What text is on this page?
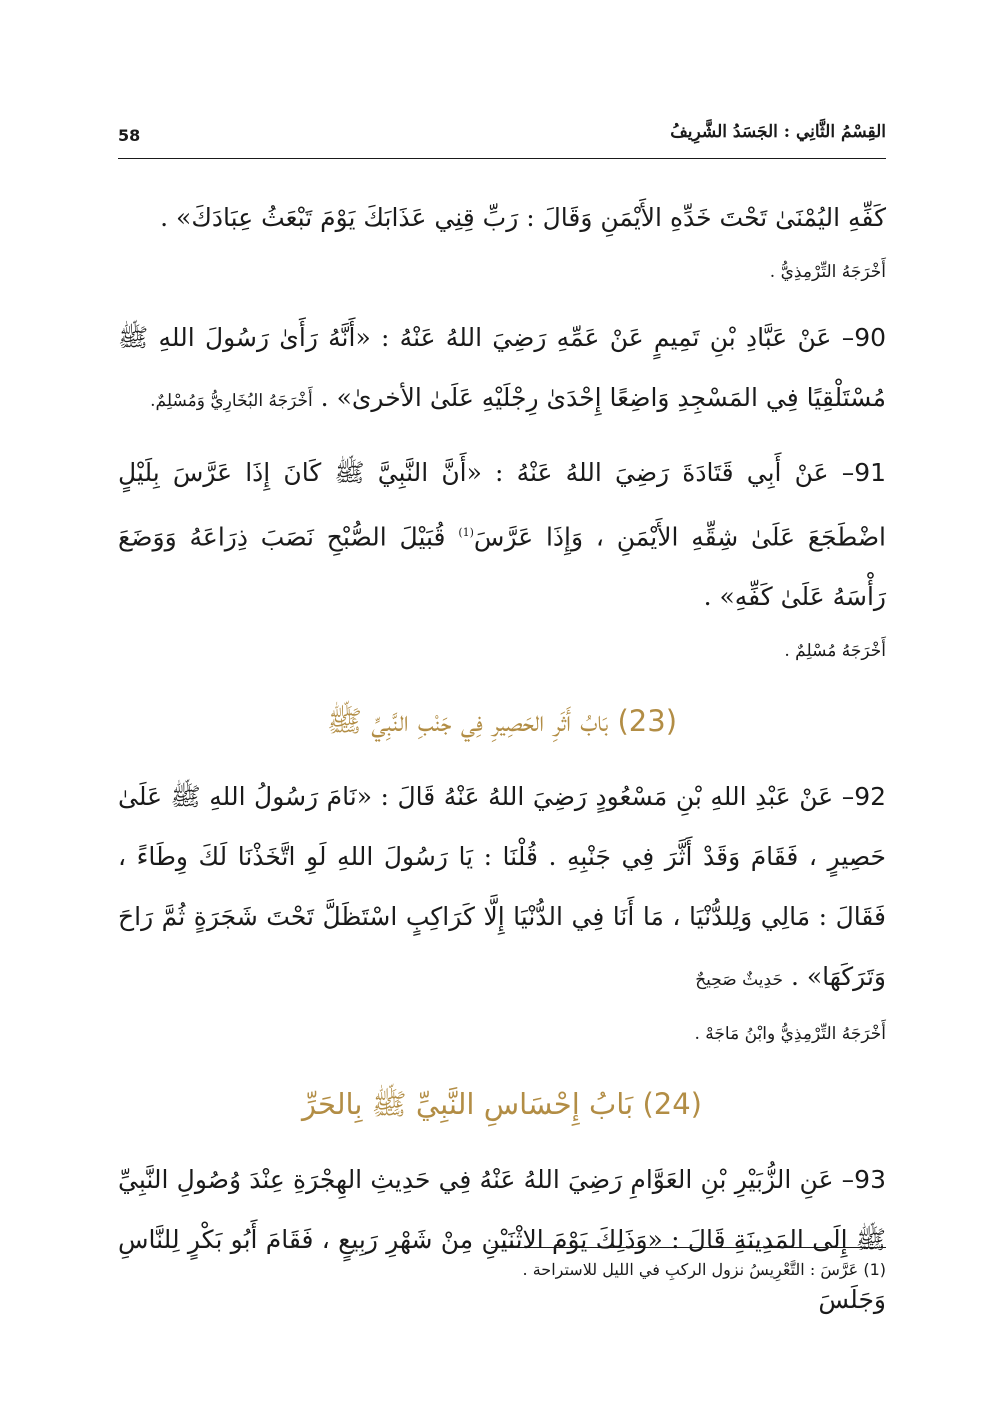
58	القِسْمُ الثَّانِي : الجَسَدُ الشَّرِيفُ

كَفِّهِ اليُمْنَىٰ تَحْتَ خَدِّهِ الأَيْمَنِ وَقَالَ : رَبِّ قِنِي عَذَابَكَ يَوْمَ تَبْعَثُ عِبَادَكَ» .

أَخْرَجَهُ التِّرْمِذِيُّ .

90– عَنْ عَبَّادِ بْنِ تَمِيمٍ عَنْ عَمِّهِ رَضِيَ اللهُ عَنْهُ : «أَنَّهُ رَأَىٰ رَسُولَ اللهِ ﷺ مُسْتَلْقِيًا فِي المَسْجِدِ وَاضِعًا إِحْدَىٰ رِجْلَيْهِ عَلَىٰ الأخرىٰ» . أَخْرَجَهُ البُخَارِيُّ وَمُسْلِمٌ.

91– عَنْ أَبِي قَتَادَةَ رَضِيَ اللهُ عَنْهُ : «أَنَّ النَّبِيَّ ﷺ كَانَ إِذَا عَرَّسَ بِلَيْلٍ اضْطَجَعَ عَلَىٰ شِقِّهِ الأَيْمَنِ ، وَإِذَا عَرَّسَ$^{(1)}$ قُبَيْلَ الصُّبْحِ نَصَبَ ذِرَاعَهُ وَوَضَعَ رَأْسَهُ عَلَىٰ كَفِّهِ» .

أَخْرَجَهُ مُسْلِمٌ .

(23) بَابُ أَثَرِ الحَصِيرِ فِي جَنْبِ النَّبِيِّ ﷺ

92– عَنْ عَبْدِ اللهِ بْنِ مَسْعُودٍ رَضِيَ اللهُ عَنْهُ قَالَ : «نَامَ رَسُولُ اللهِ ﷺ عَلَىٰ حَصِيرٍ ، فَقَامَ وَقَدْ أَثَّرَ فِي جَنْبِهِ . قُلْنَا : يَا رَسُولَ اللهِ لَوِ اتَّخَذْنَا لَكَ وِطَاءً ، فَقَالَ : مَالِي وَلِلدُّنْيَا ، مَا أَنَا فِي الدُّنْيَا إِلَّا كَرَاكِبٍ اسْتَظَلَّ تَحْتَ شَجَرَةٍ ثُمَّ رَاحَ وَتَرَكَهَا» . حَدِيثٌ صَحِيحٌ

أَخْرَجَهُ التِّرْمِذِيُّ وابْنُ مَاجَهْ .

(24) بَابُ إِحْسَاسِ النَّبِيِّ ﷺ بِالحَرِّ

93– عَنِ الزُّبَيْرِ بْنِ العَوَّامِ رَضِيَ اللهُ عَنْهُ فِي حَدِيثِ الهِجْرَةِ عِنْدَ وُصُولِ النَّبِيِّ ﷺ إِلَى المَدِينَةِ قَالَ : «وَذَلِكَ يَوْمَ الاثْنَيْنِ مِنْ شَهْرِ رَبِيعٍ ، فَقَامَ أَبُو بَكْرٍ لِلنَّاسِ وَجَلَسَ

(1) عَرَّسَ : التَّعْرِيسُ نزول الركبِ في الليل للاستراحة .
